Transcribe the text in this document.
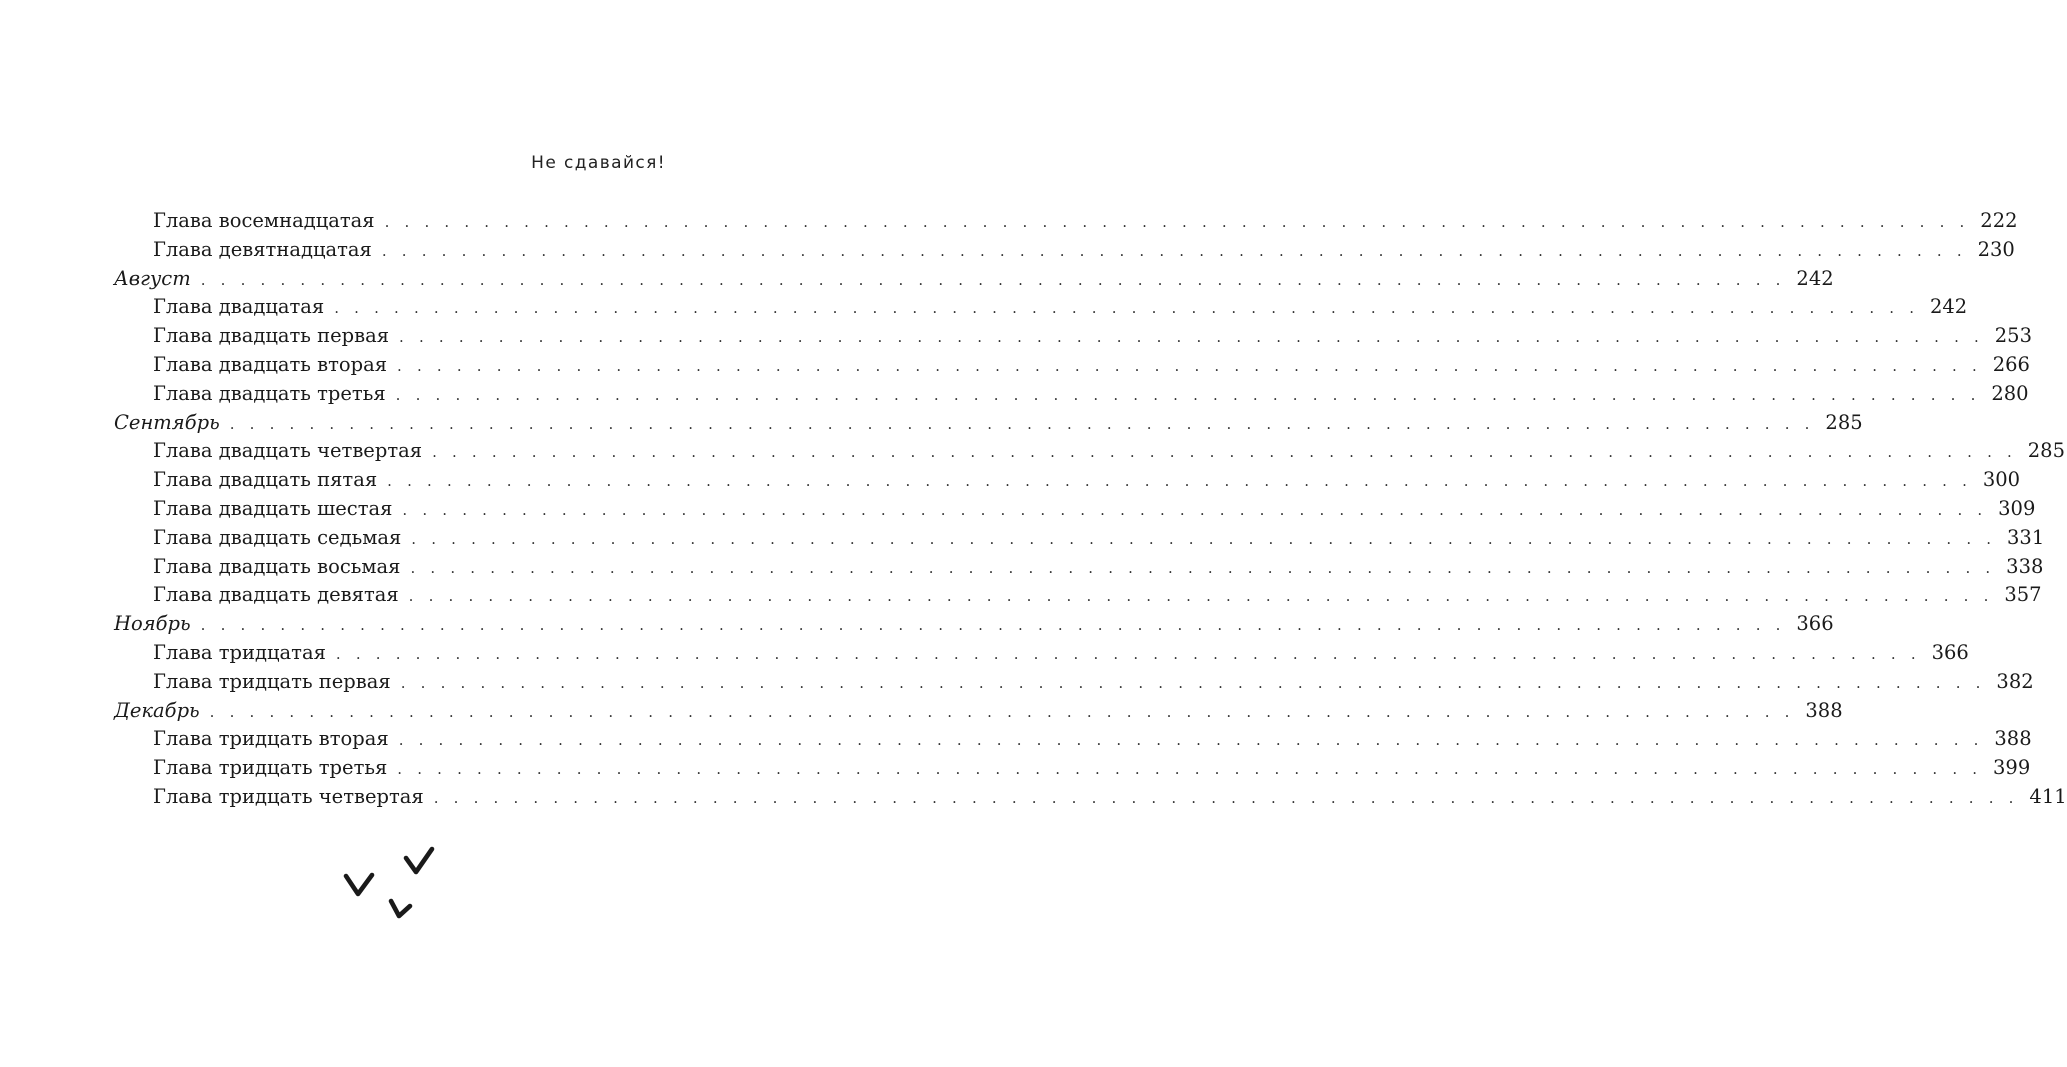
Не сдавайся!
Глава восемнадцатая . . . . . . . . . . . . . . . . . . . . . . . . . . . . . . . . . . . . . . . . . . . . . . . . . . . . . . . . . . . . . . . . . . . . . . . . . . . . . . . . 222
Глава девятнадцатая . . . . . . . . . . . . . . . . . . . . . . . . . . . . . . . . . . . . . . . . . . . . . . . . . . . . . . . . . . . . . . . . . . . . . . . . . . . . . . . . 230
Август . . . . . . . . . . . . . . . . . . . . . . . . . . . . . . . . . . . . . . . . . . . . . . . . . . . . . . . . . . . . . . . . . . . . . . . . . . . . . . . . 242
Глава двадцатая . . . . . . . . . . . . . . . . . . . . . . . . . . . . . . . . . . . . . . . . . . . . . . . . . . . . . . . . . . . . . . . . . . . . . . . . . . . . . . . . 242
Глава двадцать первая . . . . . . . . . . . . . . . . . . . . . . . . . . . . . . . . . . . . . . . . . . . . . . . . . . . . . . . . . . . . . . . . . . . . . . . . . . . . . . . . 253
Глава двадцать вторая . . . . . . . . . . . . . . . . . . . . . . . . . . . . . . . . . . . . . . . . . . . . . . . . . . . . . . . . . . . . . . . . . . . . . . . . . . . . . . . . 266
Глава двадцать третья . . . . . . . . . . . . . . . . . . . . . . . . . . . . . . . . . . . . . . . . . . . . . . . . . . . . . . . . . . . . . . . . . . . . . . . . . . . . . . . . 280
Сентябрь . . . . . . . . . . . . . . . . . . . . . . . . . . . . . . . . . . . . . . . . . . . . . . . . . . . . . . . . . . . . . . . . . . . . . . . . . . . . . . . . 285
Глава двадцать четвертая . . . . . . . . . . . . . . . . . . . . . . . . . . . . . . . . . . . . . . . . . . . . . . . . . . . . . . . . . . . . . . . . . . . . . . . . . . . . . . . . 285
Глава двадцать пятая . . . . . . . . . . . . . . . . . . . . . . . . . . . . . . . . . . . . . . . . . . . . . . . . . . . . . . . . . . . . . . . . . . . . . . . . . . . . . . . . 300
Глава двадцать шестая . . . . . . . . . . . . . . . . . . . . . . . . . . . . . . . . . . . . . . . . . . . . . . . . . . . . . . . . . . . . . . . . . . . . . . . . . . . . . . . . 309
Глава двадцать седьмая . . . . . . . . . . . . . . . . . . . . . . . . . . . . . . . . . . . . . . . . . . . . . . . . . . . . . . . . . . . . . . . . . . . . . . . . . . . . . . . . 331
Глава двадцать восьмая . . . . . . . . . . . . . . . . . . . . . . . . . . . . . . . . . . . . . . . . . . . . . . . . . . . . . . . . . . . . . . . . . . . . . . . . . . . . . . . . 338
Глава двадцать девятая . . . . . . . . . . . . . . . . . . . . . . . . . . . . . . . . . . . . . . . . . . . . . . . . . . . . . . . . . . . . . . . . . . . . . . . . . . . . . . . . 357
Ноябрь . . . . . . . . . . . . . . . . . . . . . . . . . . . . . . . . . . . . . . . . . . . . . . . . . . . . . . . . . . . . . . . . . . . . . . . . . . . . . . . . 366
Глава тридцатая . . . . . . . . . . . . . . . . . . . . . . . . . . . . . . . . . . . . . . . . . . . . . . . . . . . . . . . . . . . . . . . . . . . . . . . . . . . . . . . . 366
Глава тридцать первая . . . . . . . . . . . . . . . . . . . . . . . . . . . . . . . . . . . . . . . . . . . . . . . . . . . . . . . . . . . . . . . . . . . . . . . . . . . . . . . . 382
Декабрь . . . . . . . . . . . . . . . . . . . . . . . . . . . . . . . . . . . . . . . . . . . . . . . . . . . . . . . . . . . . . . . . . . . . . . . . . . . . . . . . 388
Глава тридцать вторая . . . . . . . . . . . . . . . . . . . . . . . . . . . . . . . . . . . . . . . . . . . . . . . . . . . . . . . . . . . . . . . . . . . . . . . . . . . . . . . . 388
Глава тридцать третья . . . . . . . . . . . . . . . . . . . . . . . . . . . . . . . . . . . . . . . . . . . . . . . . . . . . . . . . . . . . . . . . . . . . . . . . . . . . . . . . 399
Глава тридцать четвертая . . . . . . . . . . . . . . . . . . . . . . . . . . . . . . . . . . . . . . . . . . . . . . . . . . . . . . . . . . . . . . . . . . . . . . . . . . . . . . . . 411
